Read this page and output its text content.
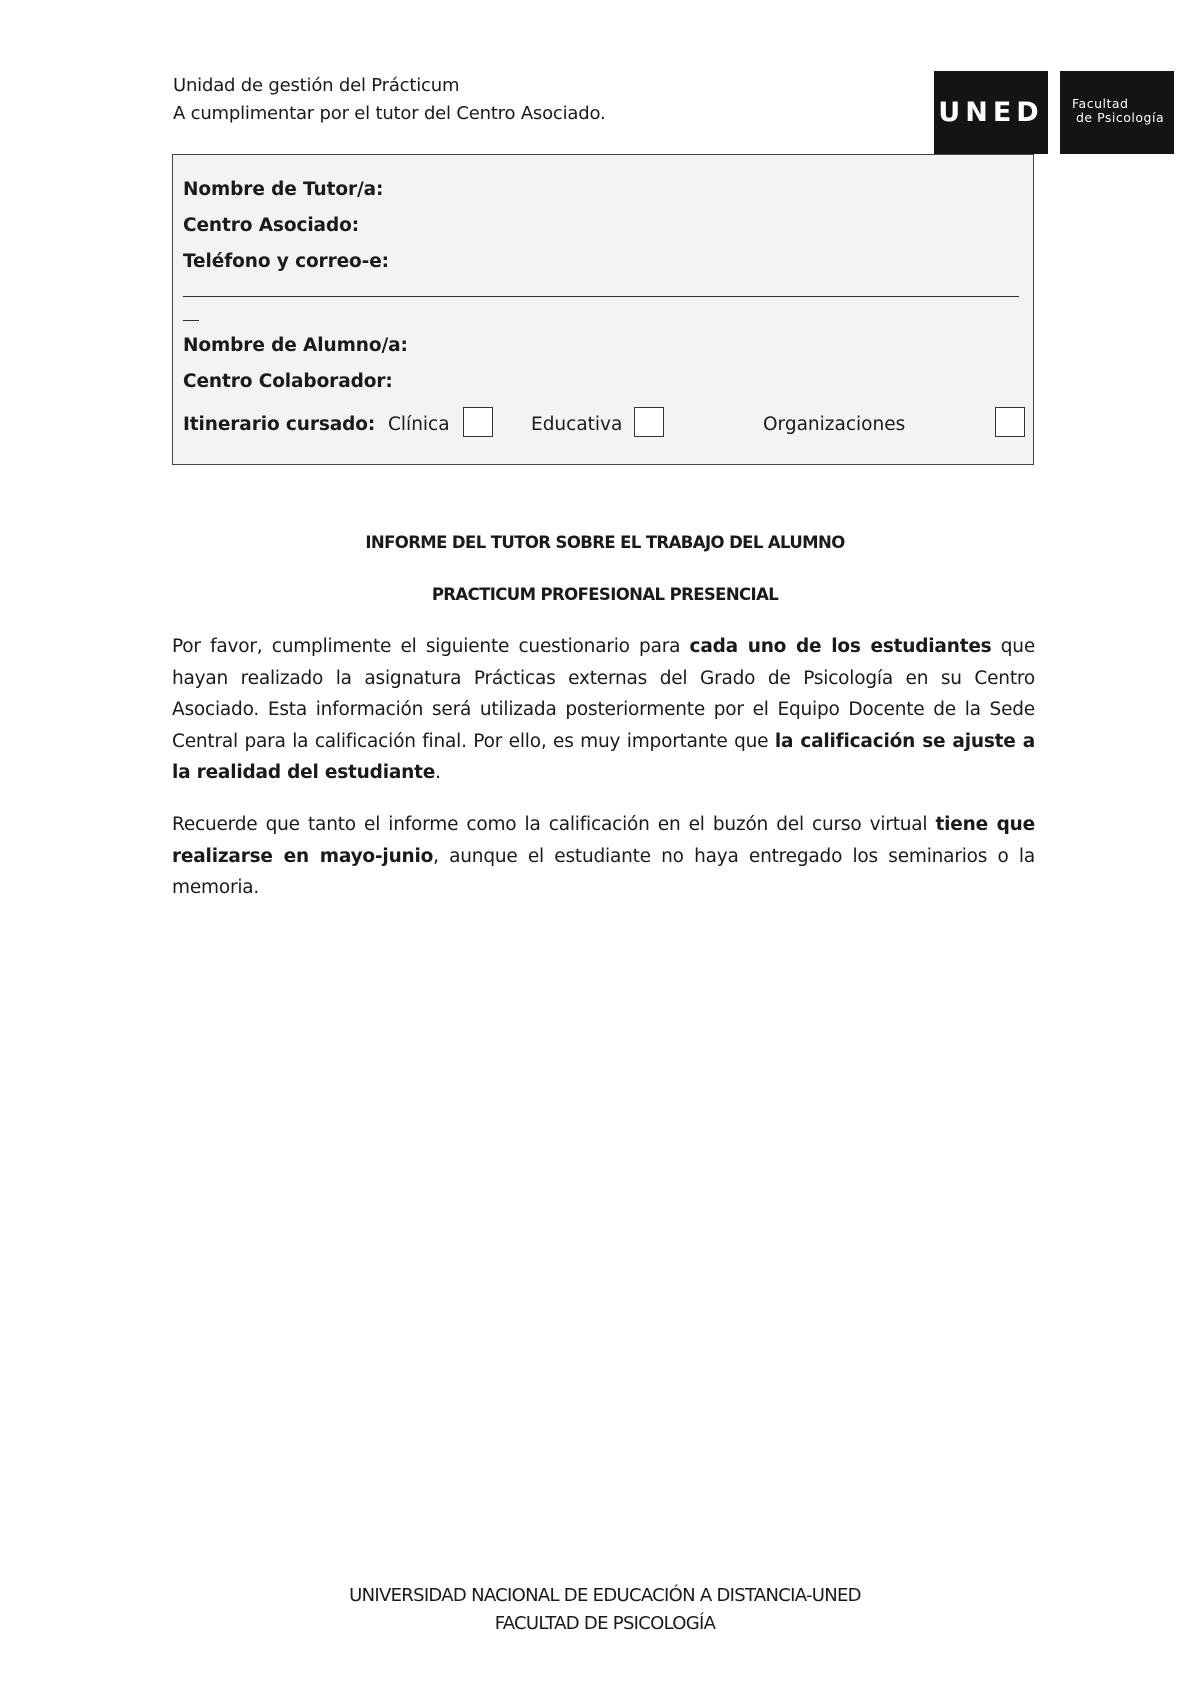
Unidad de gestión del Prácticum
A cumplimentar por el tutor del Centro Asociado.	UNED	Facultad
de Psicología
Nombre de Tutor/a:
Centro Asociado:
Teléfono y correo-e:
Nombre de Alumno/a:
Centro Colaborador:
Itinerario cursado: Clínica	Educativa	Organizaciones
INFORME DEL TUTOR SOBRE EL TRABAJO DEL ALUMNO
PRACTICUM PROFESIONAL PRESENCIAL
Por favor, cumplimente el siguiente cuestionario para cada uno de los estudiantes que hayan realizado la asignatura Prácticas externas del Grado de Psicología en su Centro Asociado. Esta información será utilizada posteriormente por el Equipo Docente de la Sede Central para la calificación final. Por ello, es muy importante que la calificación se ajuste a la realidad del estudiante.
Recuerde que tanto el informe como la calificación en el buzón del curso virtual tiene que realizarse en mayo-junio, aunque el estudiante no haya entregado los seminarios o la memoria.
UNIVERSIDAD NACIONAL DE EDUCACIÓN A DISTANCIA-UNED
FACULTAD DE PSICOLOGÍA
